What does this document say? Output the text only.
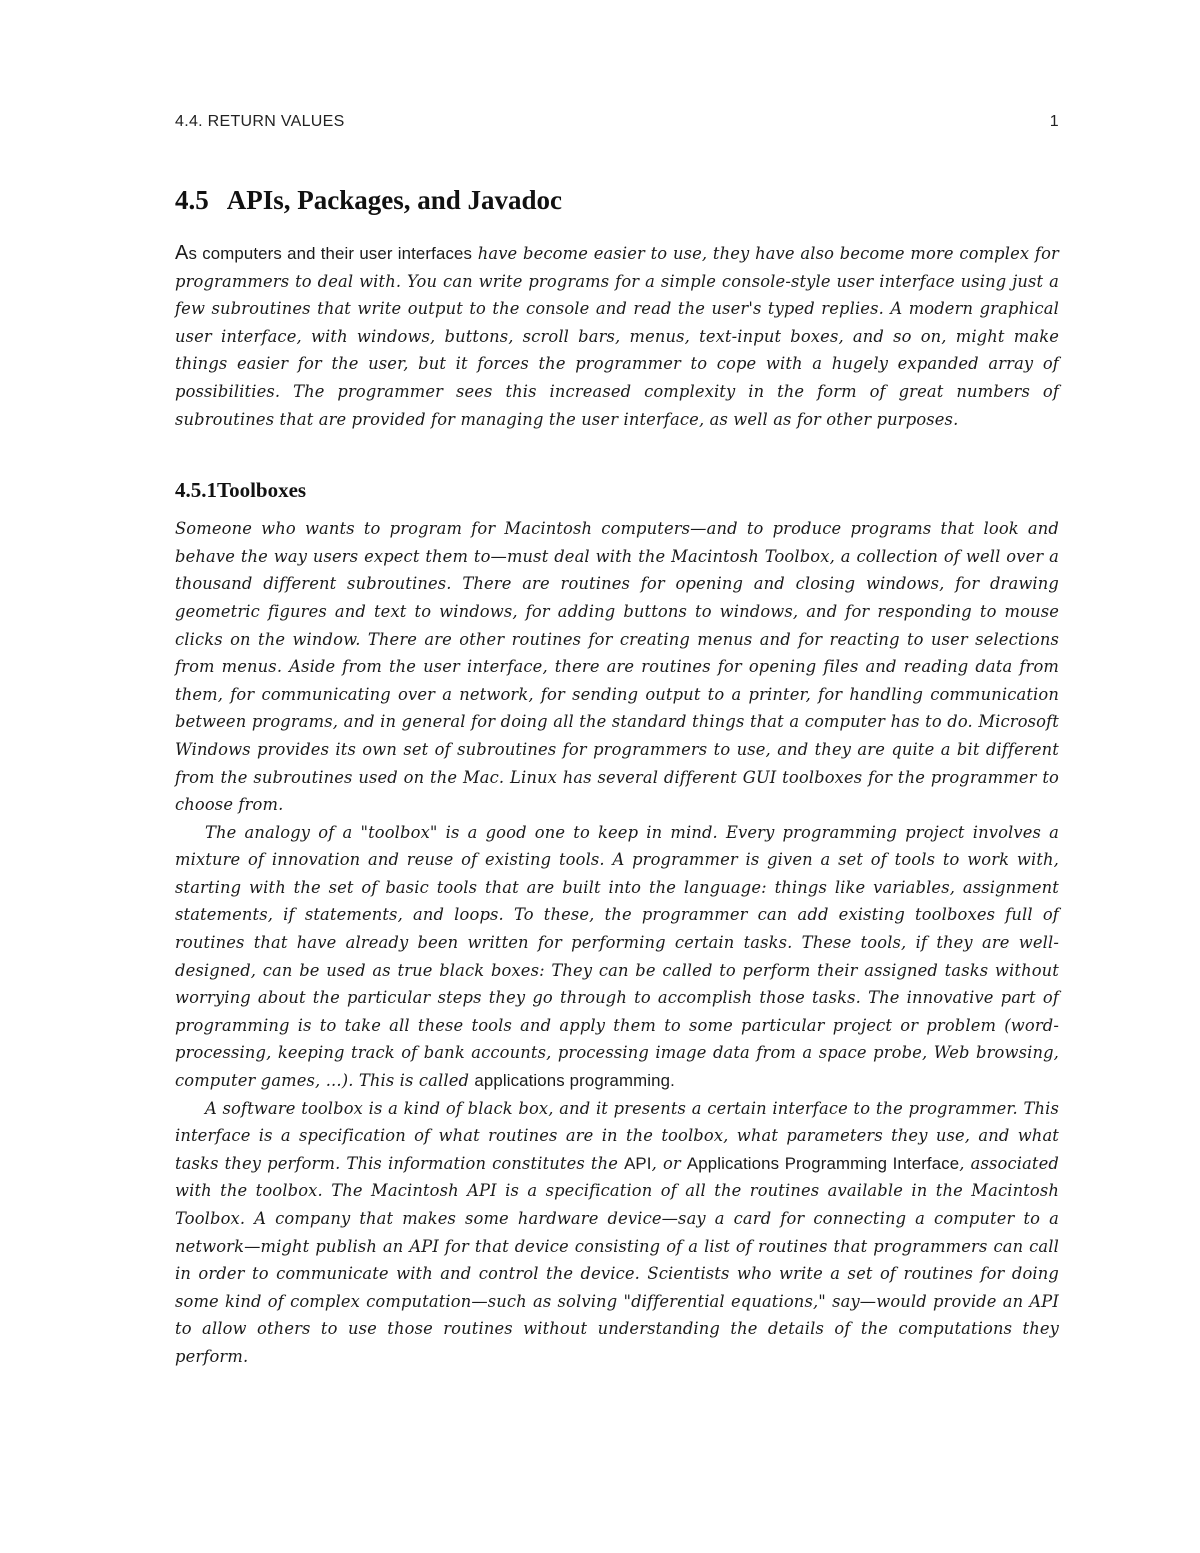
4.4. RETURN VALUES	1
4.5 APIs, Packages, and Javadoc

As computers and their user interfaces have become easier to use, they have also become more complex for programmers to deal with. You can write programs for a simple console-style user interface using just a few subroutines that write output to the console and read the user's typed replies. A modern graphical user interface, with windows, buttons, scroll bars, menus, text-input boxes, and so on, might make things easier for the user, but it forces the programmer to cope with a hugely expanded array of possibilities. The programmer sees this increased complexity in the form of great numbers of subroutines that are provided for managing the user interface, as well as for other purposes.

4.5.1Toolboxes

Someone who wants to program for Macintosh computers—and to produce programs that look and behave the way users expect them to—must deal with the Macintosh Toolbox, a collection of well over a thousand different subroutines. There are routines for opening and closing windows, for drawing geometric figures and text to windows, for adding buttons to windows, and for responding to mouse clicks on the window. There are other routines for creating menus and for reacting to user selections from menus. Aside from the user interface, there are routines for opening files and reading data from them, for communicating over a network, for sending output to a printer, for handling communication between programs, and in general for doing all the standard things that a computer has to do. Microsoft Windows provides its own set of subroutines for programmers to use, and they are quite a bit different from the subroutines used on the Mac. Linux has several different GUI toolboxes for the programmer to choose from.

The analogy of a "toolbox" is a good one to keep in mind. Every programming project involves a mixture of innovation and reuse of existing tools. A programmer is given a set of tools to work with, starting with the set of basic tools that are built into the language: things like variables, assignment statements, if statements, and loops. To these, the programmer can add existing toolboxes full of routines that have already been written for performing certain tasks. These tools, if they are well-designed, can be used as true black boxes: They can be called to perform their assigned tasks without worrying about the particular steps they go through to accomplish those tasks. The innovative part of programming is to take all these tools and apply them to some particular project or problem (word-processing, keeping track of bank accounts, processing image data from a space probe, Web browsing, computer games, ...). This is called applications programming.

A software toolbox is a kind of black box, and it presents a certain interface to the programmer. This interface is a specification of what routines are in the toolbox, what parameters they use, and what tasks they perform. This information constitutes the API, or Applications Programming Interface, associated with the toolbox. The Macintosh API is a specification of all the routines available in the Macintosh Toolbox. A company that makes some hardware device—say a card for connecting a computer to a network—might publish an API for that device consisting of a list of routines that programmers can call in order to communicate with and control the device. Scientists who write a set of routines for doing some kind of complex computation—such as solving "differential equations," say—would provide an API to allow others to use those routines without understanding the details of the computations they perform.
